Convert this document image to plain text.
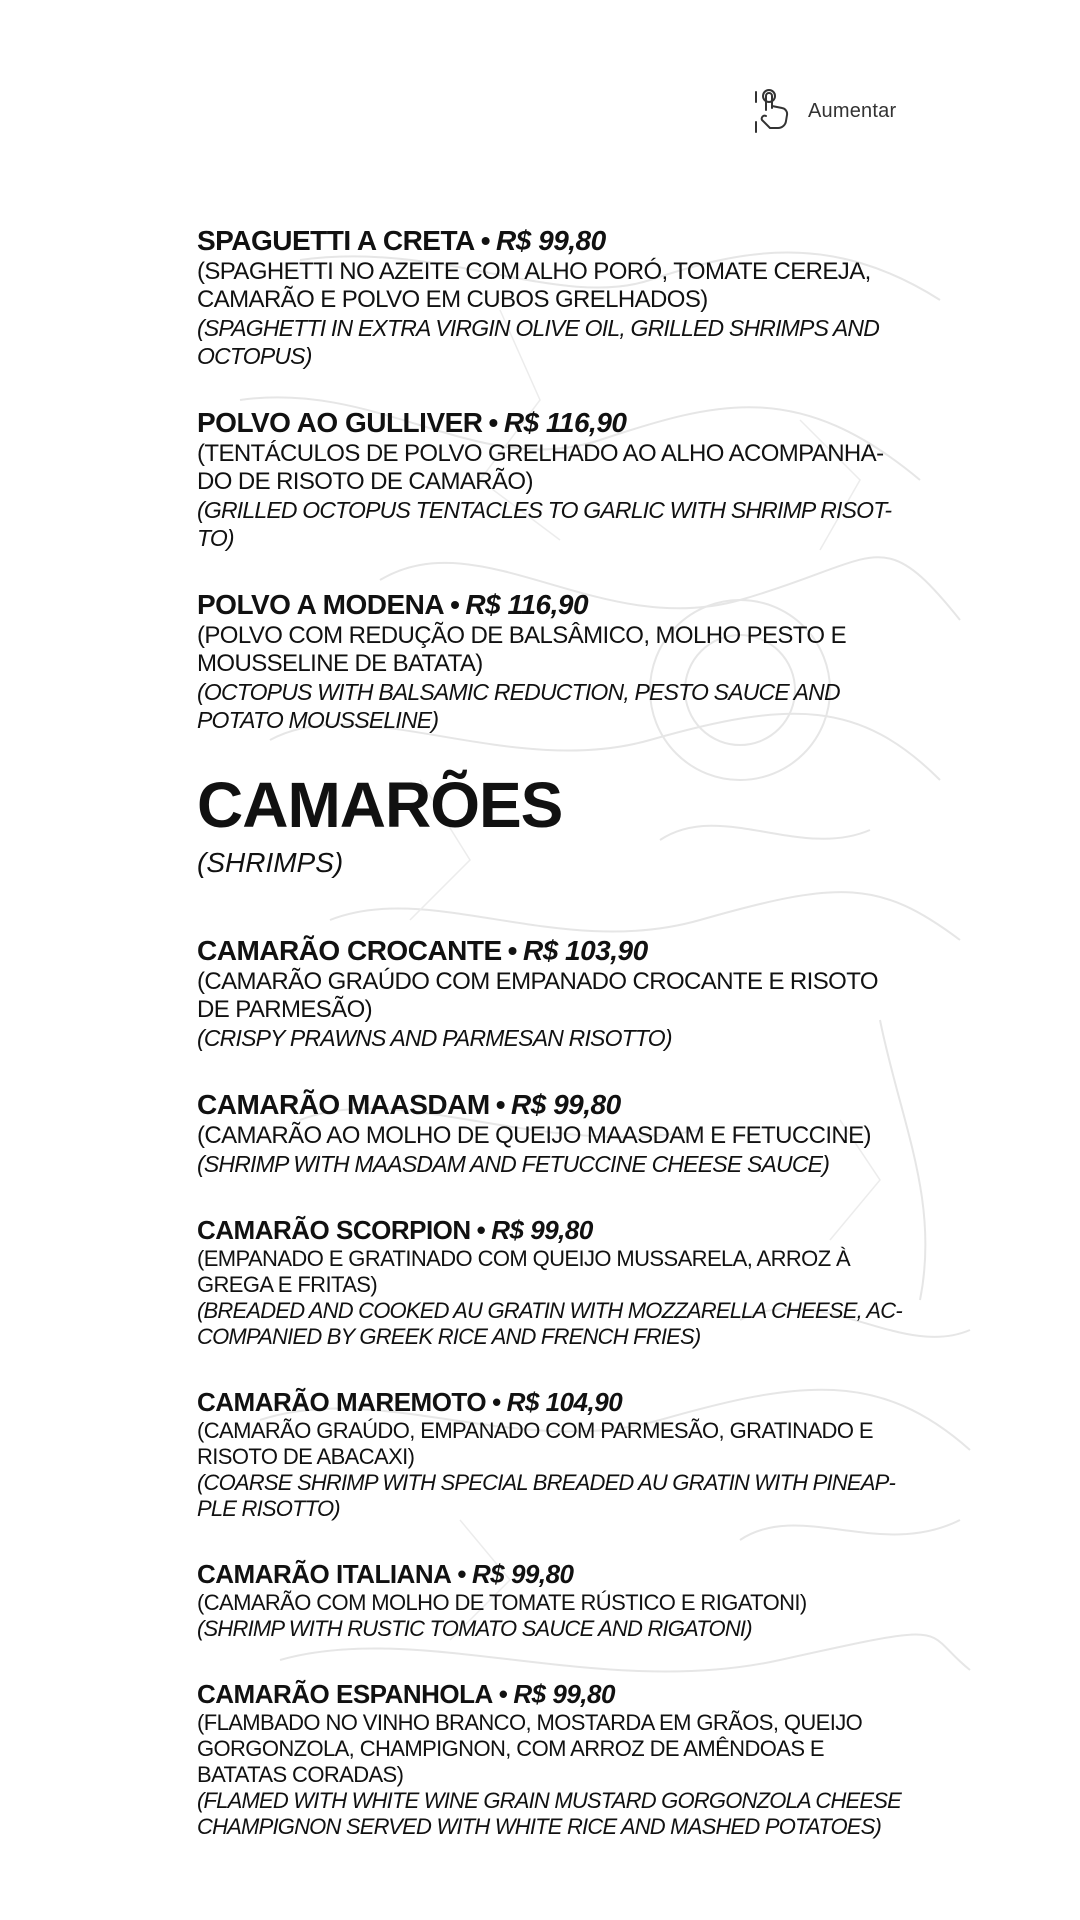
Aumentar
SPAGUETTI A CRETA • R$ 99,80
(SPAGHETTI NO AZEITE COM ALHO PORÓ, TOMATE CEREJA,
CAMARÃO E POLVO EM CUBOS GRELHADOS)
(SPAGHETTI IN EXTRA VIRGIN OLIVE OIL, GRILLED SHRIMPS AND
OCTOPUS)
POLVO AO GULLIVER • R$ 116,90
(TENTÁCULOS DE POLVO GRELHADO AO ALHO ACOMPANHA-
DO DE RISOTO DE CAMARÃO)
(GRILLED OCTOPUS TENTACLES TO GARLIC WITH SHRIMP RISOT-
TO)
POLVO A MODENA • R$ 116,90
(POLVO COM REDUÇÃO DE BALSÂMICO, MOLHO PESTO E
MOUSSELINE DE BATATA)
(OCTOPUS WITH BALSAMIC REDUCTION, PESTO SAUCE AND
POTATO MOUSSELINE)
CAMARÕES
(SHRIMPS)
CAMARÃO CROCANTE • R$ 103,90
(CAMARÃO GRAÚDO COM EMPANADO CROCANTE E RISOTO
DE PARMESÃO)
(CRISPY PRAWNS AND PARMESAN RISOTTO)
CAMARÃO MAASDAM • R$ 99,80
(CAMARÃO AO MOLHO DE QUEIJO MAASDAM E FETUCCINE)
(SHRIMP WITH MAASDAM AND FETUCCINE CHEESE SAUCE)
CAMARÃO SCORPION • R$ 99,80
(EMPANADO E GRATINADO COM QUEIJO MUSSARELA, ARROZ À
GREGA E FRITAS)
(BREADED AND COOKED AU GRATIN WITH MOZZARELLA CHEESE, AC-
COMPANIED BY GREEK RICE AND FRENCH FRIES)
CAMARÃO MAREMOTO • R$ 104,90
(CAMARÃO GRAÚDO, EMPANADO COM PARMESÃO, GRATINADO E
RISOTO DE ABACAXI)
(COARSE SHRIMP WITH SPECIAL BREADED AU GRATIN WITH PINEAP-
PLE RISOTTO)
CAMARÃO ITALIANA • R$ 99,80
(CAMARÃO COM MOLHO DE TOMATE RÚSTICO E RIGATONI)
(SHRIMP WITH RUSTIC TOMATO SAUCE AND RIGATONI)
CAMARÃO ESPANHOLA • R$ 99,80
(FLAMBADO NO VINHO BRANCO, MOSTARDA EM GRÃOS, QUEIJO
GORGONZOLA, CHAMPIGNON, COM ARROZ DE AMÊNDOAS E
BATATAS CORADAS)
(FLAMED WITH WHITE WINE GRAIN MUSTARD GORGONZOLA CHEESE
CHAMPIGNON SERVED WITH WHITE RICE AND MASHED POTATOES)
